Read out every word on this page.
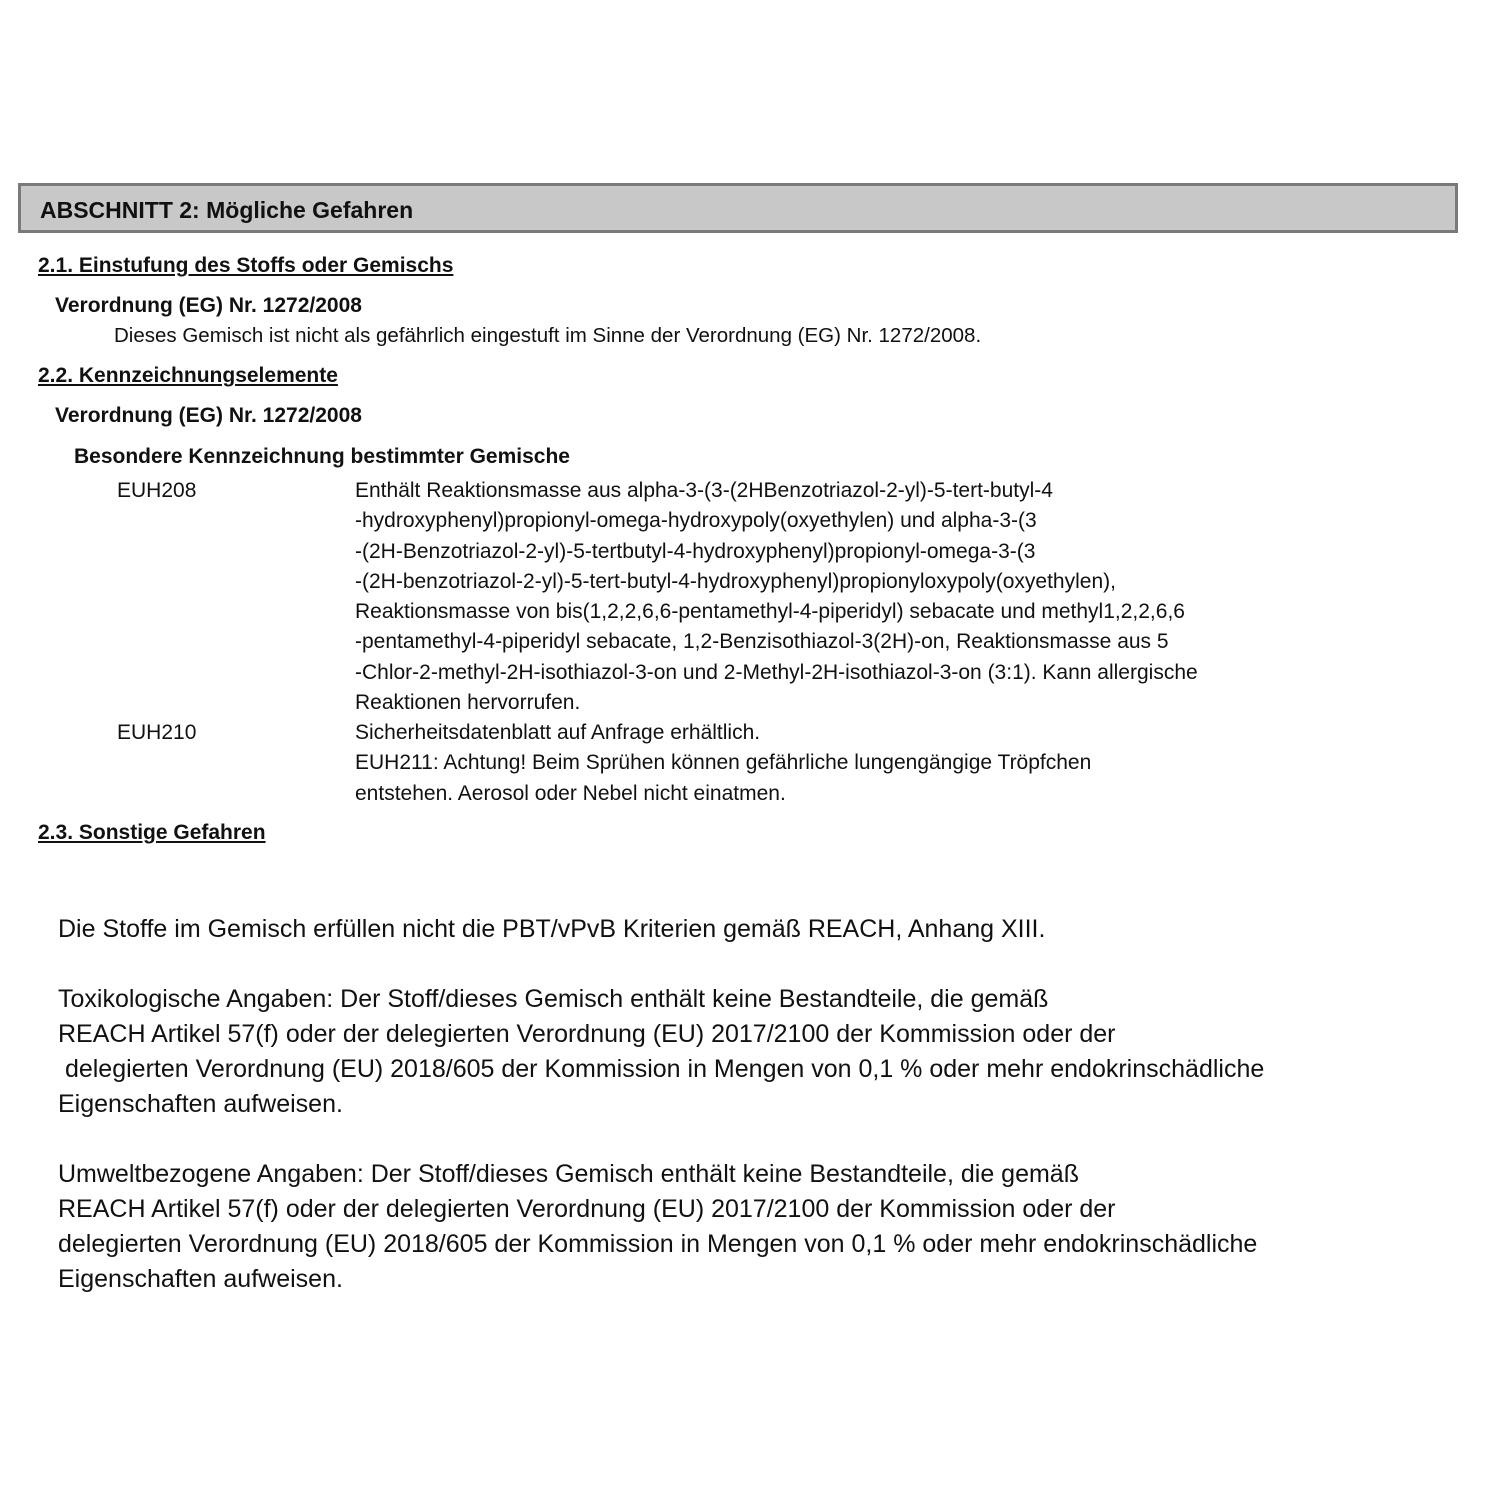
ABSCHNITT 2: Mögliche Gefahren
2.1. Einstufung des Stoffs oder Gemischs
Verordnung (EG) Nr. 1272/2008
Dieses Gemisch ist nicht als gefährlich eingestuft im Sinne der Verordnung (EG) Nr. 1272/2008.
2.2. Kennzeichnungselemente
Verordnung (EG) Nr. 1272/2008
Besondere Kennzeichnung bestimmter Gemische
EUH208	Enthält Reaktionsmasse aus alpha-3-(3-(2HBenzotriazol-2-yl)-5-tert-butyl-4
-hydroxyphenyl)propionyl-omega-hydroxypoly(oxyethylen) und alpha-3-(3
-(2H-Benzotriazol-2-yl)-5-tertbutyl-4-hydroxyphenyl)propionyl-omega-3-(3
-(2H-benzotriazol-2-yl)-5-tert-butyl-4-hydroxyphenyl)propionyloxypoly(oxyethylen),
Reaktionsmasse von bis(1,2,2,6,6-pentamethyl-4-piperidyl) sebacate und methyl1,2,2,6,6
-pentamethyl-4-piperidyl sebacate, 1,2-Benzisothiazol-3(2H)-on, Reaktionsmasse aus 5
-Chlor-2-methyl-2H-isothiazol-3-on und 2-Methyl-2H-isothiazol-3-on (3:1). Kann allergische
Reaktionen hervorrufen.
EUH210	Sicherheitsdatenblatt auf Anfrage erhältlich.
EUH211: Achtung! Beim Sprühen können gefährliche lungengängige Tröpfchen
entstehen. Aerosol oder Nebel nicht einatmen.
2.3. Sonstige Gefahren
Die Stoffe im Gemisch erfüllen nicht die PBT/vPvB Kriterien gemäß REACH, Anhang XIII.
Toxikologische Angaben: Der Stoff/dieses Gemisch enthält keine Bestandteile, die gemäß
REACH Artikel 57(f) oder der delegierten Verordnung (EU) 2017/2100 der Kommission oder der
delegierten Verordnung (EU) 2018/605 der Kommission in Mengen von 0,1 % oder mehr endokrinschädliche
Eigenschaften aufweisen.
Umweltbezogene Angaben: Der Stoff/dieses Gemisch enthält keine Bestandteile, die gemäß
REACH Artikel 57(f) oder der delegierten Verordnung (EU) 2017/2100 der Kommission oder der
delegierten Verordnung (EU) 2018/605 der Kommission in Mengen von 0,1 % oder mehr endokrinschädliche
Eigenschaften aufweisen.
